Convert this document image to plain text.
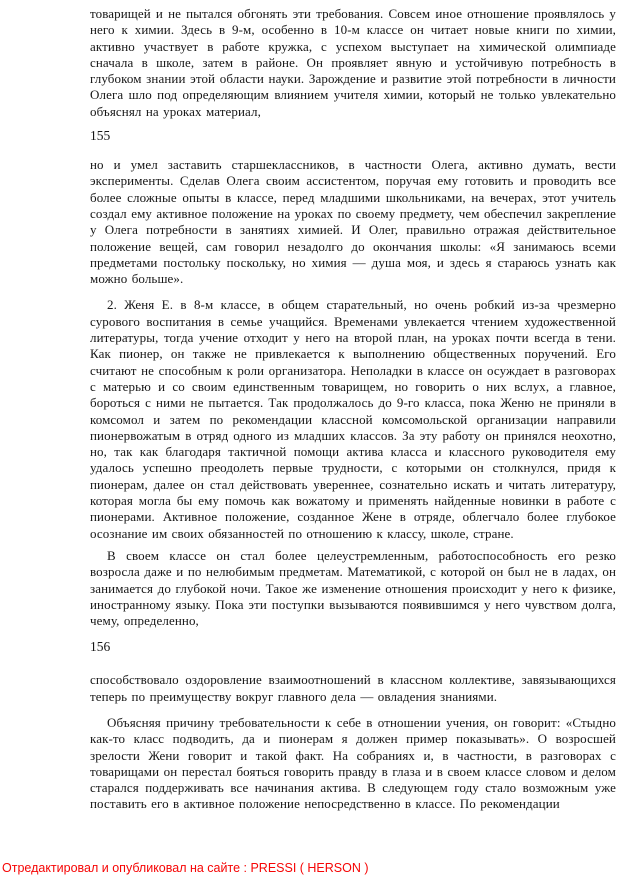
товарищей и не пытался обгонять эти требования. Совсем иное отношение проявлялось у него к химии. Здесь в 9-м, особенно в 10-м классе он читает новые книги по химии, активно участвует в работе кружка, с успехом выступает на химической олимпиаде сначала в школе, затем в районе. Он проявляет явную и устойчивую потребность в глубоком знании этой области науки. Зарождение и развитие этой потребности в личности Олега шло под определяющим влиянием учителя химии, который не только увлекательно объяснял на уроках материал,

155

но и умел заставить старшеклассников, в частности Олега, активно думать, вести эксперименты. Сделав Олега своим ассистентом, поручая ему готовить и проводить все более сложные опыты в классе, перед младшими школьниками, на вечерах, этот учитель создал ему активное положение на уроках по своему предмету, чем обеспечил закрепление у Олега потребности в занятиях химией. И Олег, правильно отражая действительное положение вещей, сам говорил незадолго до окончания школы: «Я занимаюсь всеми предметами постольку поскольку, но химия — душа моя, и здесь я стараюсь узнать как можно больше».

2. Женя Е. в 8-м классе, в общем старательный, но очень робкий из-за чрезмерно сурового воспитания в семье учащийся. Временами увлекается чтением художественной литературы, тогда учение отходит у него на второй план, на уроках почти всегда в тени. Как пионер, он также не привлекается к выполнению общественных поручений. Его считают не способным к роли организатора. Неполадки в классе он осуждает в разговорах с матерью и со своим единственным товарищем, но говорить о них вслух, а главное, бороться с ними не пытается. Так продолжалось до 9-го класса, пока Женю не приняли в комсомол и затем по рекомендации классной комсомольской организации направили пионервожатым в отряд одного из младших классов. За эту работу он принялся неохотно, но, так как благодаря тактичной помощи актива класса и классного руководителя ему удалось успешно преодолеть первые трудности, с которыми он столкнулся, придя к пионерам, далее он стал действовать увереннее, сознательно искать и читать литературу, которая могла бы ему помочь как вожатому и применять найденные новинки в работе с пионерами. Активное положение, созданное Жене в отряде, облегчало более глубокое осознание им своих обязанностей по отношению к классу, школе, стране.

В своем классе он стал более целеустремленным, работоспособность его резко возросла даже и по нелюбимым предметам. Математикой, с которой он был не в ладах, он занимается до глубокой ночи. Такое же изменение отношения происходит у него к физике, иностранному языку. Пока эти поступки вызываются появившимся у него чувством долга, чему, определенно,

156

способствовало оздоровление взаимоотношений в классном коллективе, завязывающихся теперь по преимуществу вокруг главного дела — овладения знаниями.

Объясняя причину требовательности к себе в отношении учения, он говорит: «Стыдно как-то класс подводить, да и пионерам я должен пример показывать». О возросшей зрелости Жени говорит и такой факт. На собраниях и, в частности, в разговорах с товарищами он перестал бояться говорить правду в глаза и в своем классе словом и делом старался поддерживать все начинания актива. В следующем году стало возможным уже поставить его в активное положение непосредственно в классе. По рекомендации

Отредактировал и опубликовал на сайте : PRESSI ( HERSON )
